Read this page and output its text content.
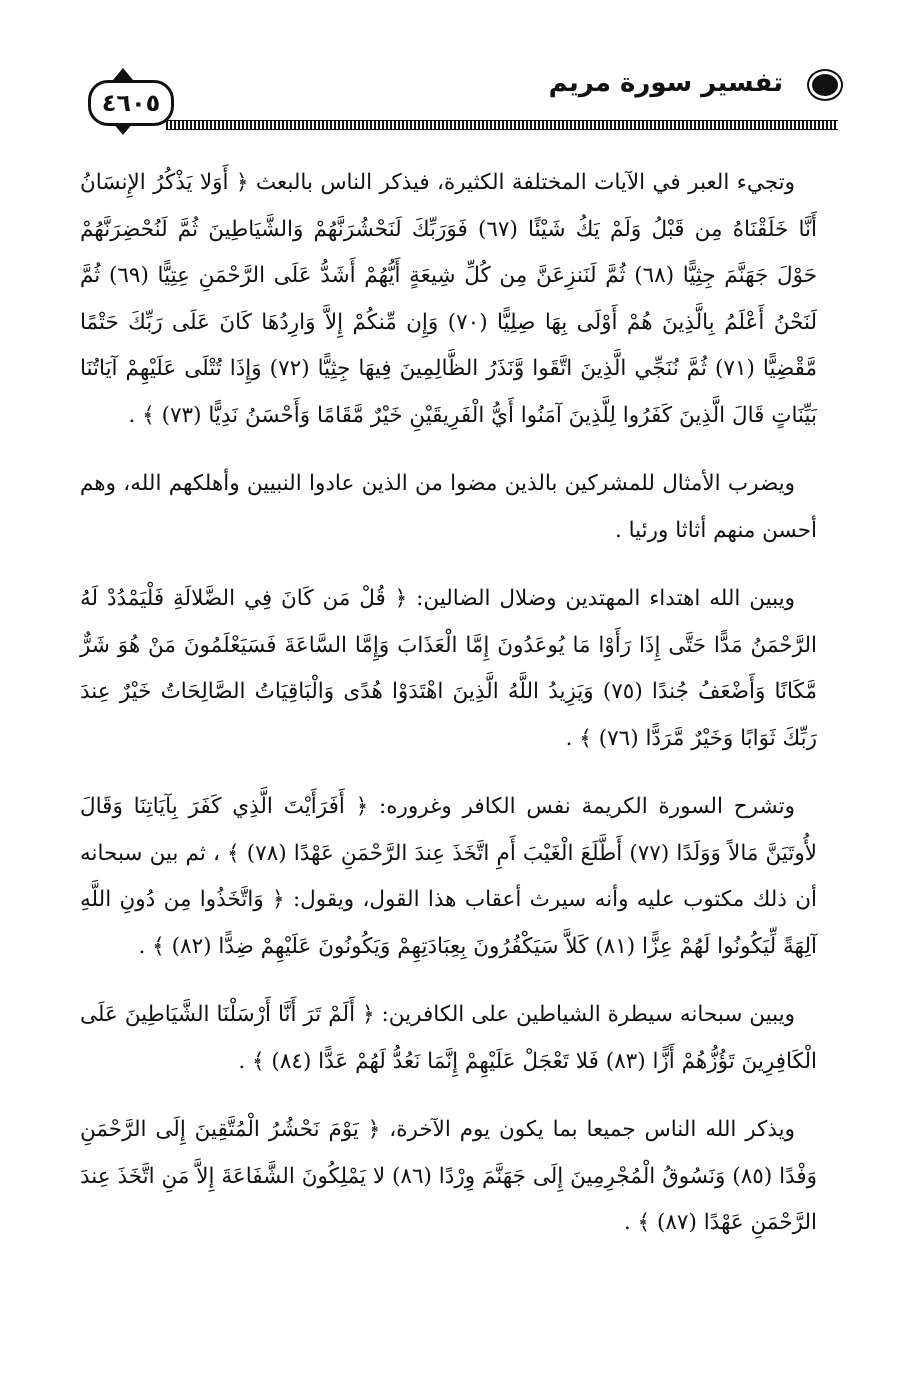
تفسير سورة مريم
٤٦٠٥

وتجيء العبر في الآيات المختلفة الكثيرة، فيذكر الناس بالبعث ﴿ أَوَلا يَذْكُرُ الإِنسَانُ أَنَّا خَلَقْنَاهُ مِن قَبْلُ وَلَمْ يَكُ شَيْئًا (٦٧) فَوَرَبِّكَ لَنَحْشُرَنَّهُمْ وَالشَّيَاطِينَ ثُمَّ لَنُحْضِرَنَّهُمْ حَوْلَ جَهَنَّمَ جِثِيًّا (٦٨) ثُمَّ لَنَنزِعَنَّ مِن كُلِّ شِيعَةٍ أَيُّهُمْ أَشَدُّ عَلَى الرَّحْمَنِ عِتِيًّا (٦٩) ثُمَّ لَنَحْنُ أَعْلَمُ بِالَّذِينَ هُمْ أَوْلَى بِهَا صِلِيًّا (٧٠) وَإِن مِّنكُمْ إِلاَّ وَارِدُهَا كَانَ عَلَى رَبِّكَ حَتْمًا مَّقْضِيًّا (٧١) ثُمَّ نُنَجِّي الَّذِينَ اتَّقَوا وَّنَذَرُ الظَّالِمِينَ فِيهَا جِثِيًّا (٧٢) وَإِذَا تُتْلَى عَلَيْهِمْ آيَاتُنَا بَيِّنَاتٍ قَالَ الَّذِينَ كَفَرُوا لِلَّذِينَ آمَنُوا أَيُّ الْفَرِيقَيْنِ خَيْرٌ مَّقَامًا وَأَحْسَنُ نَدِيًّا (٧٣) ﴾ .

ويضرب الأمثال للمشركين بالذين مضوا من الذين عادوا النبيين وأهلكهم الله، وهم أحسن منهم أثاثا ورئيا .

ويبين الله اهتداء المهتدين وضلال الضالين: ﴿ قُلْ مَن كَانَ فِي الضَّلالَةِ فَلْيَمْدُدْ لَهُ الرَّحْمَنُ مَدًّا حَتَّى إِذَا رَأَوْا مَا يُوعَدُونَ إِمَّا الْعَذَابَ وَإِمَّا السَّاعَةَ فَسَيَعْلَمُونَ مَنْ هُوَ شَرٌّ مَّكَانًا وَأَضْعَفُ جُندًا (٧٥) وَيَزِيدُ اللَّهُ الَّذِينَ اهْتَدَوْا هُدًى وَالْبَاقِيَاتُ الصَّالِحَاتُ خَيْرٌ عِندَ رَبِّكَ ثَوَابًا وَخَيْرٌ مَّرَدًّا (٧٦) ﴾ .

وتشرح السورة الكريمة نفس الكافر وغروره: ﴿ أَفَرَأَيْتَ الَّذِي كَفَرَ بِآيَاتِنَا وَقَالَ لأُوتَيَنَّ مَالاً وَوَلَدًا (٧٧) أَطَّلَعَ الْغَيْبَ أَمِ اتَّخَذَ عِندَ الرَّحْمَنِ عَهْدًا (٧٨) ﴾ ، ثم بين سبحانه أن ذلك مكتوب عليه وأنه سيرث أعقاب هذا القول، ويقول: ﴿ وَاتَّخَذُوا مِن دُونِ اللَّهِ آلِهَةً لِّيَكُونُوا لَهُمْ عِزًّا (٨١) كَلاَّ سَيَكْفُرُونَ بِعِبَادَتِهِمْ وَيَكُونُونَ عَلَيْهِمْ ضِدًّا (٨٢) ﴾ .

ويبين سبحانه سيطرة الشياطين على الكافرين: ﴿ أَلَمْ تَرَ أَنَّا أَرْسَلْنَا الشَّيَاطِينَ عَلَى الْكَافِرِينَ تَؤُزُّهُمْ أَزًّا (٨٣) فَلا تَعْجَلْ عَلَيْهِمْ إِنَّمَا نَعُدُّ لَهُمْ عَدًّا (٨٤) ﴾ .

ويذكر الله الناس جميعا بما يكون يوم الآخرة، ﴿ يَوْمَ نَحْشُرُ الْمُتَّقِينَ إِلَى الرَّحْمَنِ وَفْدًا (٨٥) وَنَسُوقُ الْمُجْرِمِينَ إِلَى جَهَنَّمَ وِرْدًا (٨٦) لا يَمْلِكُونَ الشَّفَاعَةَ إِلاَّ مَنِ اتَّخَذَ عِندَ الرَّحْمَنِ عَهْدًا (٨٧) ﴾ .
